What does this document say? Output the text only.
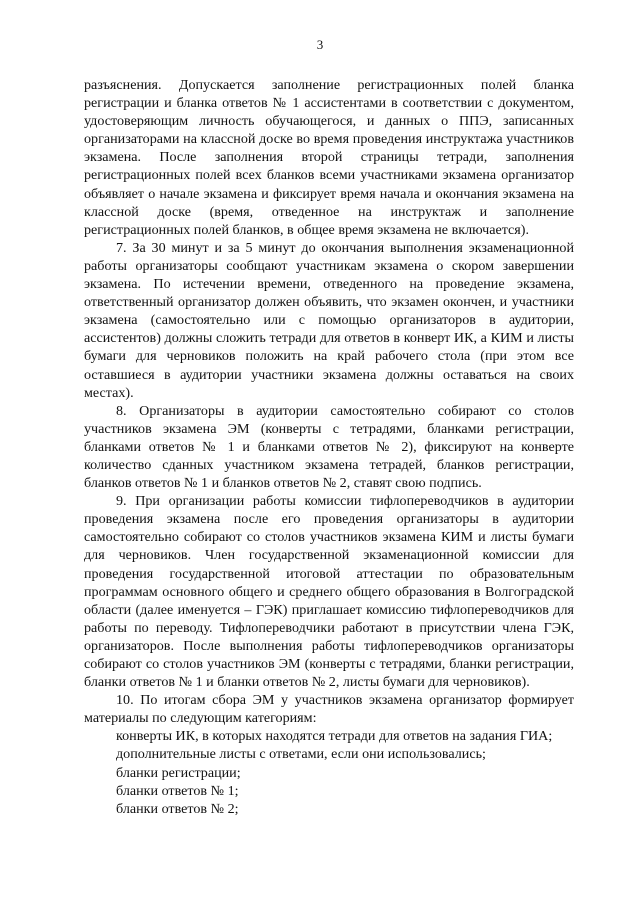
3

разъяснения. Допускается заполнение регистрационных полей бланка регистрации и бланка ответов № 1 ассистентами в соответствии с документом, удостоверяющим личность обучающегося, и данных о ППЭ, записанных организаторами на классной доске во время проведения инструктажа участников экзамена. После заполнения второй страницы тетради, заполнения регистрационных полей всех бланков всеми участниками экзамена организатор объявляет о начале экзамена и фиксирует время начала и окончания экзамена на классной доске (время, отведенное на инструктаж и заполнение регистрационных полей бланков, в общее время экзамена не включается).

7. За 30 минут и за 5 минут до окончания выполнения экзаменационной работы организаторы сообщают участникам экзамена о скором завершении экзамена. По истечении времени, отведенного на проведение экзамена, ответственный организатор должен объявить, что экзамен окончен, и участники экзамена (самостоятельно или с помощью организаторов в аудитории, ассистентов) должны сложить тетради для ответов в конверт ИК, а КИМ и листы бумаги для черновиков положить на край рабочего стола (при этом все оставшиеся в аудитории участники экзамена должны оставаться на своих местах).

8. Организаторы в аудитории самостоятельно собирают со столов участников экзамена ЭМ (конверты с тетрадями, бланками регистрации, бланками ответов № 1 и бланками ответов № 2), фиксируют на конверте количество сданных участником экзамена тетрадей, бланков регистрации, бланков ответов № 1 и бланков ответов № 2, ставят свою подпись.

9. При организации работы комиссии тифлопереводчиков в аудитории проведения экзамена после его проведения организаторы в аудитории самостоятельно собирают со столов участников экзамена КИМ и листы бумаги для черновиков. Член государственной экзаменационной комиссии для проведения государственной итоговой аттестации по образовательным программам основного общего и среднего общего образования в Волгоградской области (далее именуется – ГЭК) приглашает комиссию тифлопереводчиков для работы по переводу. Тифлопереводчики работают в присутствии члена ГЭК, организаторов. После выполнения работы тифлопереводчиков организаторы собирают со столов участников ЭМ (конверты с тетрадями, бланки регистрации, бланки ответов № 1 и бланки ответов № 2, листы бумаги для черновиков).

10. По итогам сбора ЭМ у участников экзамена организатор формирует материалы по следующим категориям:

конверты ИК, в которых находятся тетради для ответов на задания ГИА;

дополнительные листы с ответами, если они использовались;

бланки регистрации;

бланки ответов № 1;

бланки ответов № 2;
